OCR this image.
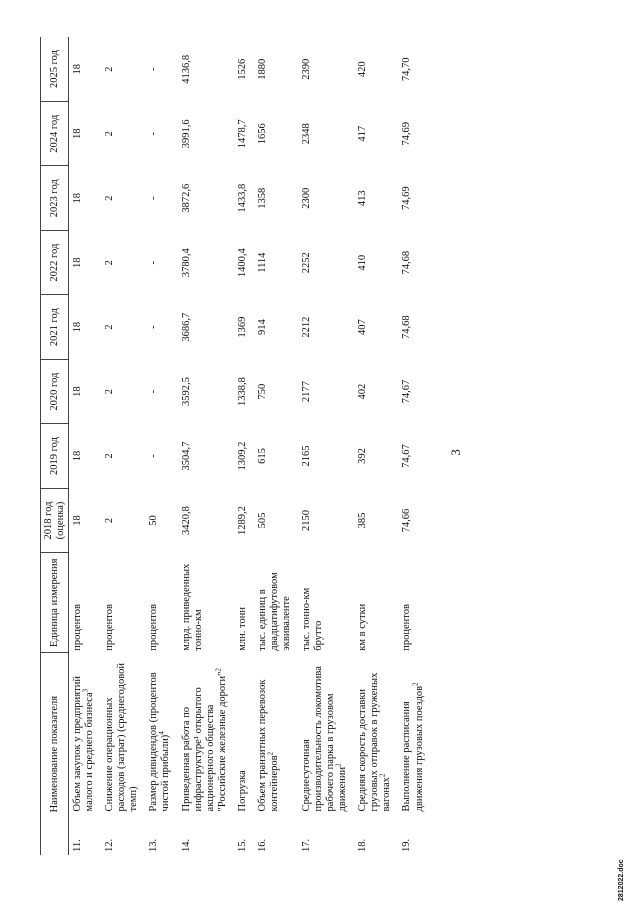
3
Наименование показателя		Единица измерения	2018 год (оценка)	2019 год	2020 год	2021 год	2022 год	2023 год	2024 год	2025 год
11.	Объем закупок у предприятий малого и среднего бизнеса$^3$	процентов	18	18	18	18	18	18	18	18
12.	Снижение операционных расходов (затрат) (среднегодовой темп)	процентов	2	2	2	2	2	2	2	2
13.	Размер дивидендов (процентов чистой прибыли)$^4$	процентов	50	-	-	-	-	-	-	-
14.	Приведенная работа по инфраструктуре¹ открытого акционерного общества "Российские железные дороги"$^2$	млрд. приведенных тонно-км	3420,8	3504,7	3592,5	3686,7	3780,4	3872,6	3991,6	4136,8
15.	Погрузка	млн. тонн	1289,2	1309,2	1338,8	1369	1400,4	1433,8	1478,7	1526
16.	Объем транзитных перевозок контейнеров$^2$	тыс. единиц в двадцатифутовом эквиваленте	505	615	750	914	1114	1358	1656	1880
17.	Среднесуточная производительность локомотива рабочего парка в грузовом движении$^2$	тыс. тонно-км брутто	2150	2165	2177	2212	2252	2300	2348	2390
18.	Средняя скорость доставки грузовых отправок в груженых вагонах$^2$	км в сутки	385	392	402	407	410	413	417	420
19.	Выполнение расписания движения грузовых поездов$^2$	процентов	74,66	74,67	74,67	74,68	74,68	74,69	74,69	74,70
2812022.doc
